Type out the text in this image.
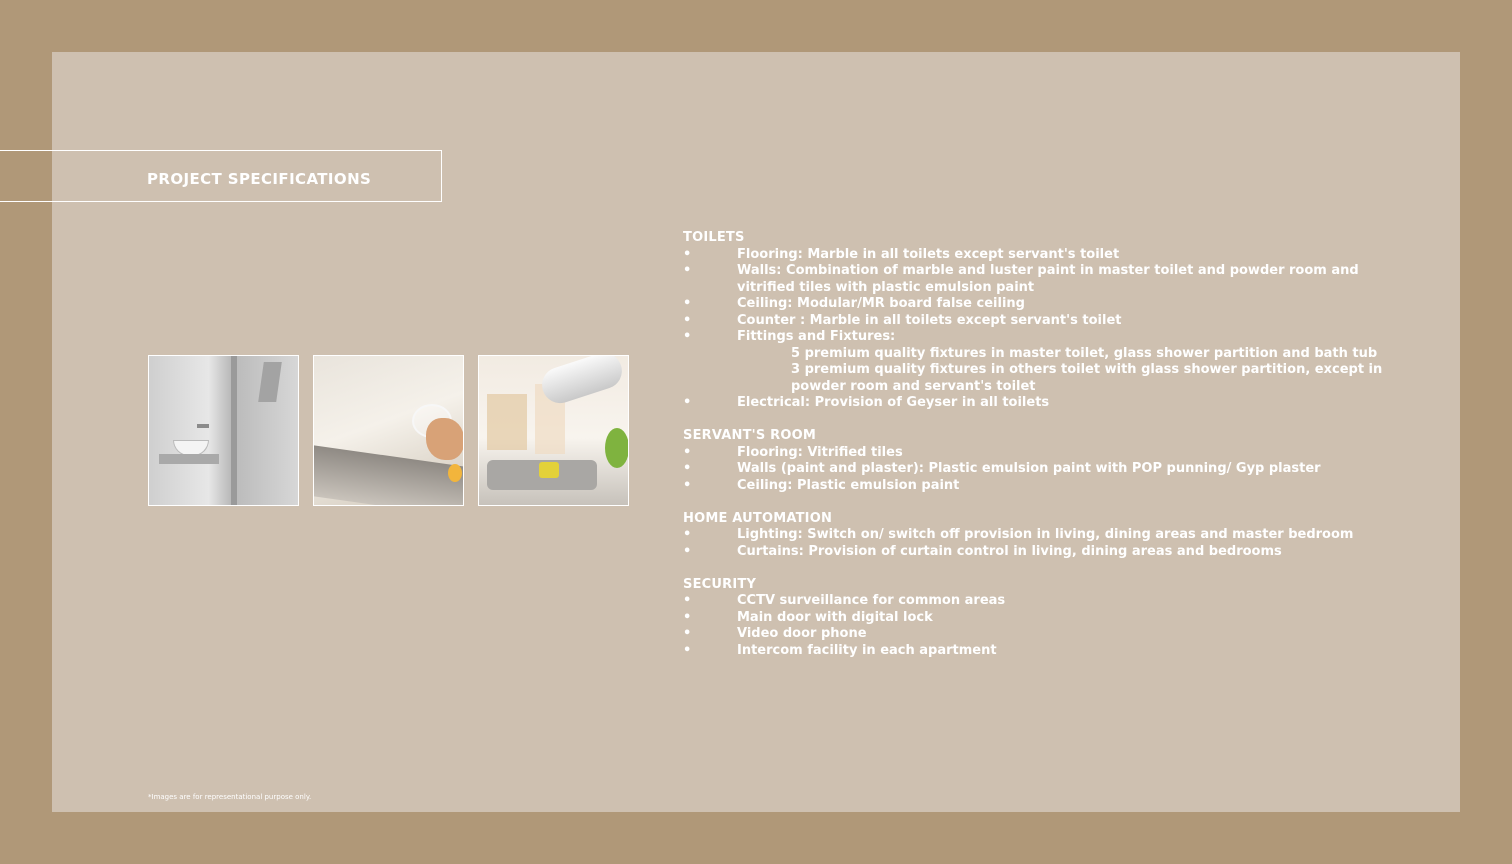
PROJECT SPECIFICATIONS
TOILETS
•	Flooring: Marble in all toilets except servant's toilet
•	Walls: Combination of marble and luster paint in master toilet and powder room and vitrified tiles with plastic emulsion paint
•	Ceiling: Modular/MR board false ceiling
•	Counter : Marble in all toilets except servant's toilet
•	Fittings and Fixtures:
5 premium quality fixtures in master toilet, glass shower partition and bath tub
3 premium quality fixtures in others toilet with glass shower partition, except in powder room and servant's toilet
•	Electrical: Provision of Geyser in all toilets
SERVANT'S ROOM
•	Flooring: Vitrified tiles
•	Walls (paint and plaster): Plastic emulsion paint with POP punning/ Gyp plaster
•	Ceiling: Plastic emulsion paint
HOME AUTOMATION
•	Lighting: Switch on/ switch off provision in living, dining areas and master bedroom
•	Curtains: Provision of curtain control in living, dining areas and bedrooms
SECURITY
•	CCTV surveillance for common areas
•	Main door with digital lock
•	Video door phone
•	Intercom facility in each apartment
*Images are for representational purpose only.
